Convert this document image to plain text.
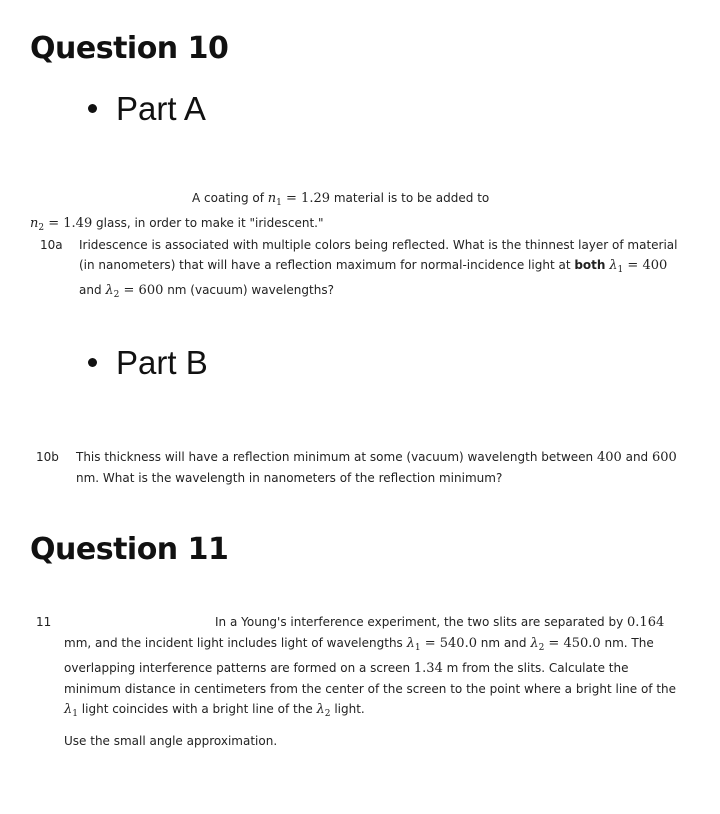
Question 10
Part A
A coating of $n_1 = 1.29$ material is to be added to
$n_2 = 1.49$ glass, in order to make it "iridescent."
10a Iridescence is associated with multiple colors being reflected. What is the thinnest layer of material (in nanometers) that will have a reflection maximum for normal-incidence light at both $\lambda_1 = 400$ and $\lambda_2 = 600$ nm (vacuum) wavelengths?
Part B
10b This thickness will have a reflection minimum at some (vacuum) wavelength between 400 and 600 nm. What is the wavelength in nanometers of the reflection minimum?
Question 11
11	In a Young's interference experiment, the two slits are separated by 0.164 mm, and the incident light includes light of wavelengths $\lambda_1 = 540.0$ nm and $\lambda_2 = 450.0$ nm. The overlapping interference patterns are formed on a screen 1.34 m from the slits. Calculate the minimum distance in centimeters from the center of the screen to the point where a bright line of the $\lambda_1$ light coincides with a bright line of the $\lambda_2$ light.
Use the small angle approximation.
